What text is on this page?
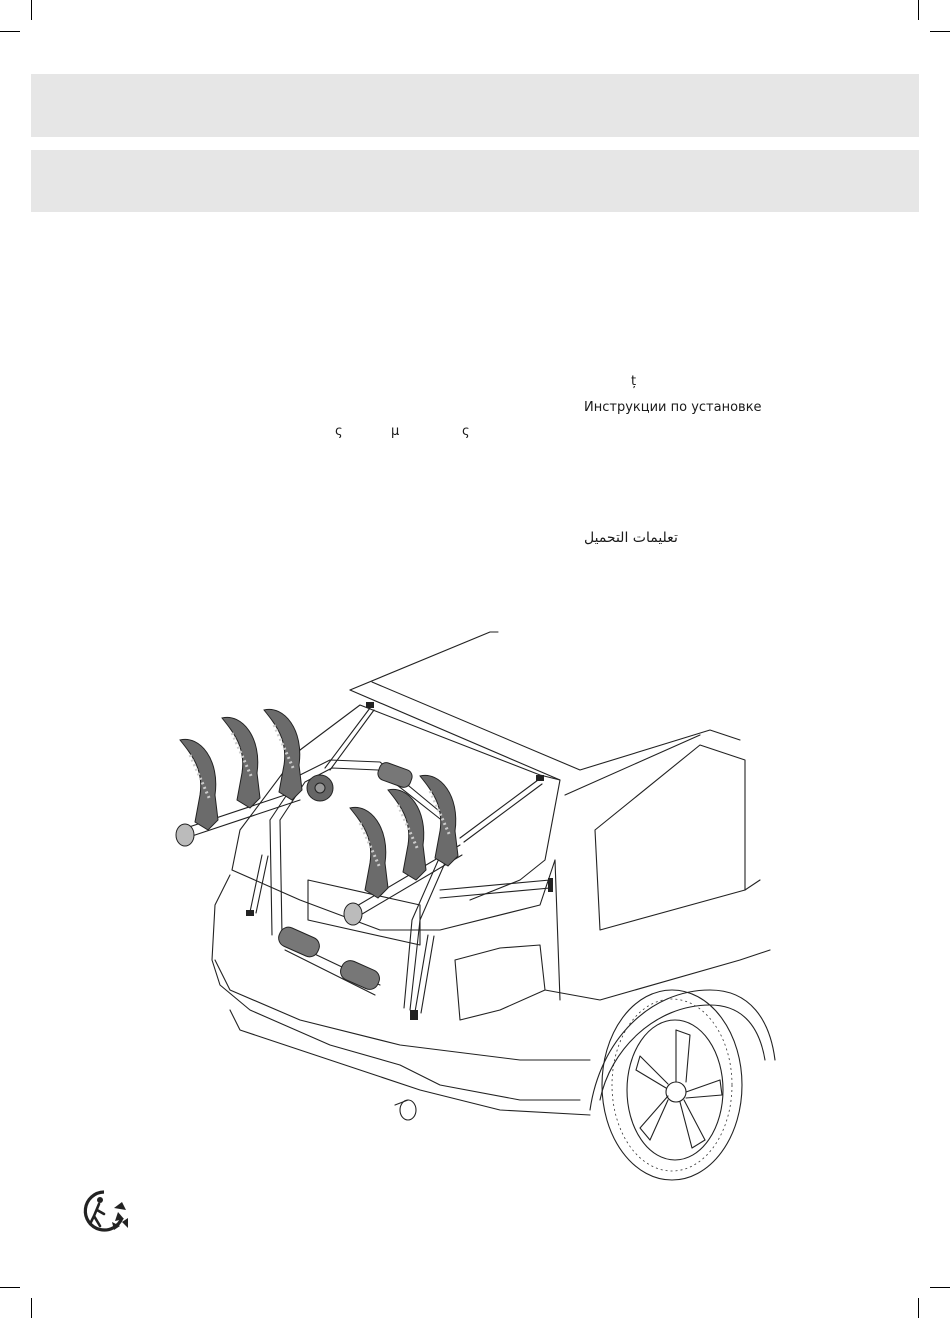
ț
Инструкции по установке
ς	μ	ς
تعليمات التحميل
